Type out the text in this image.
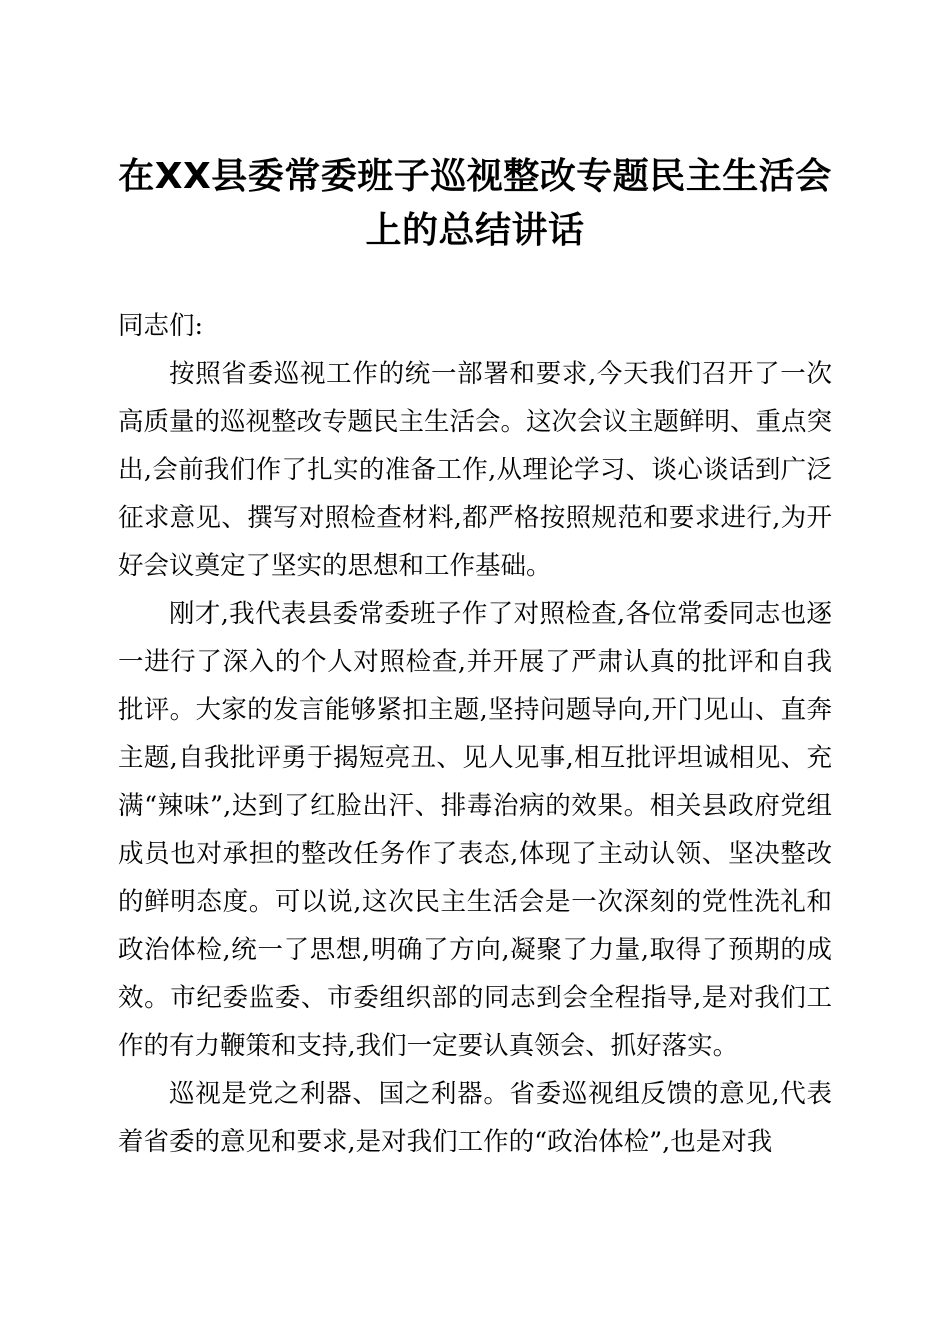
在XX县委常委班子巡视整改专题民主生活会上的总结讲话

同志们:

按照省委巡视工作的统一部署和要求,今天我们召开了一次高质量的巡视整改专题民主生活会。这次会议主题鲜明、重点突出,会前我们作了扎实的准备工作,从理论学习、谈心谈话到广泛征求意见、撰写对照检查材料,都严格按照规范和要求进行,为开好会议奠定了坚实的思想和工作基础。

刚才,我代表县委常委班子作了对照检查,各位常委同志也逐一进行了深入的个人对照检查,并开展了严肃认真的批评和自我批评。大家的发言能够紧扣主题,坚持问题导向,开门见山、直奔主题,自我批评勇于揭短亮丑、见人见事,相互批评坦诚相见、充满“辣味”,达到了红脸出汗、排毒治病的效果。相关县政府党组成员也对承担的整改任务作了表态,体现了主动认领、坚决整改的鲜明态度。可以说,这次民主生活会是一次深刻的党性洗礼和政治体检,统一了思想,明确了方向,凝聚了力量,取得了预期的成效。市纪委监委、市委组织部的同志到会全程指导,是对我们工作的有力鞭策和支持,我们一定要认真领会、抓好落实。

巡视是党之利器、国之利器。省委巡视组反馈的意见,代表着省委的意见和要求,是对我们工作的“政治体检”,也是对我
